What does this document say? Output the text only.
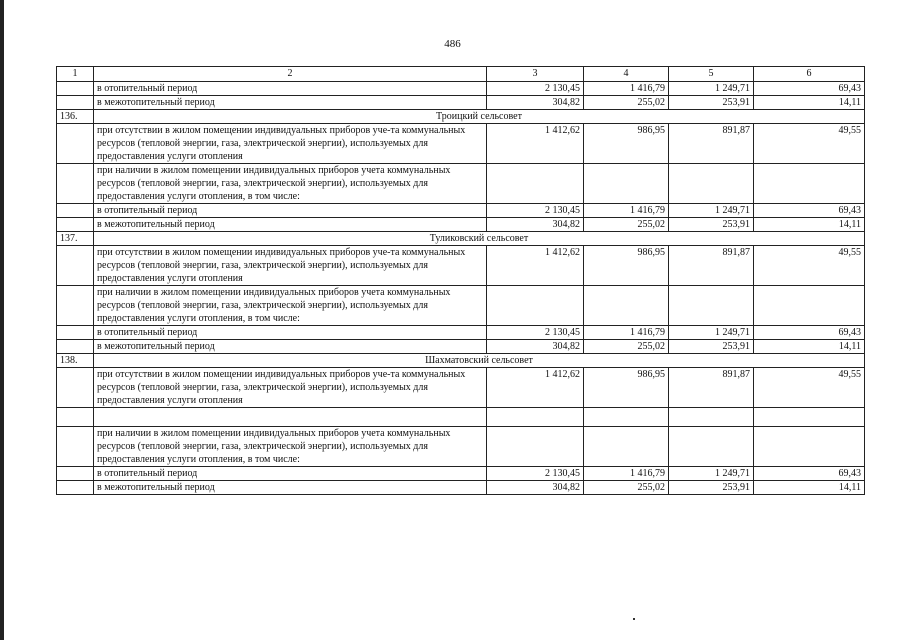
486
1	2	3	4	5	6
	в отопительный период	2 130,45	1 416,79	1 249,71	69,43
	в межотопительный период	304,82	255,02	253,91	14,11
136.	Троицкий сельсовет				
	при отсутствии в жилом помещении индивидуальных приборов уче-та коммунальных ресурсов (тепловой энергии, газа, электрической энергии), используемых для предоставления услуги отопления	1 412,62	986,95	891,87	49,55
	при наличии в жилом помещении индивидуальных приборов учета коммунальных ресурсов (тепловой энергии, газа, электрической энергии), используемых для предоставления услуги отопления, в том числе:				
	в отопительный период	2 130,45	1 416,79	1 249,71	69,43
	в межотопительный период	304,82	255,02	253,91	14,11
137.	Туликовский сельсовет				
	при отсутствии в жилом помещении индивидуальных приборов уче-та коммунальных ресурсов (тепловой энергии, газа, электрической энергии), используемых для предоставления услуги отопления	1 412,62	986,95	891,87	49,55
	при наличии в жилом помещении индивидуальных приборов учета коммунальных ресурсов (тепловой энергии, газа, электрической энергии), используемых для предоставления услуги отопления, в том числе:				
	в отопительный период	2 130,45	1 416,79	1 249,71	69,43
	в межотопительный период	304,82	255,02	253,91	14,11
138.	Шахматовский сельсовет				
	при отсутствии в жилом помещении индивидуальных приборов уче-та коммунальных ресурсов (тепловой энергии, газа, электрической энергии), используемых для предоставления услуги отопления	1 412,62	986,95	891,87	49,55

	при наличии в жилом помещении индивидуальных приборов учета коммунальных ресурсов (тепловой энергии, газа, электрической энергии), используемых для предоставления услуги отопления, в том числе:				
	в отопительный период	2 130,45	1 416,79	1 249,71	69,43
	в межотопительный период	304,82	255,02	253,91	14,11
